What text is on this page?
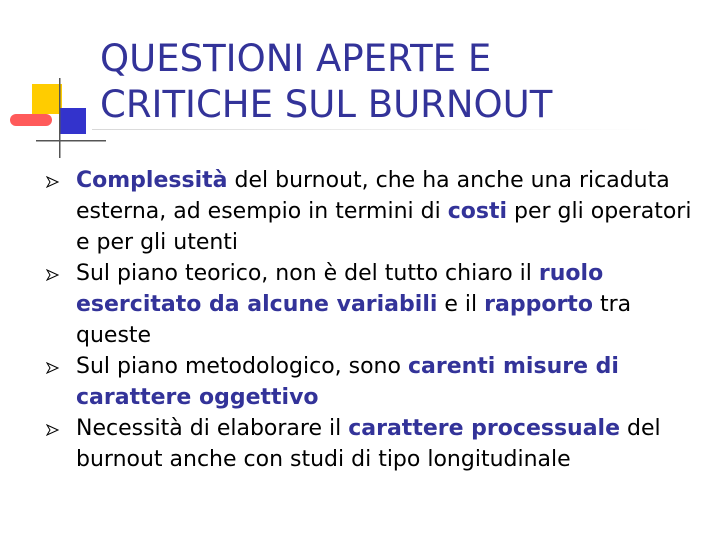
QUESTIONI APERTE E
CRITICHE SUL BURNOUT
Complessità del burnout, che ha anche una ricaduta esterna, ad esempio in termini di costi per gli operatori e per gli utenti
Sul piano teorico, non è del tutto chiaro il ruolo esercitato da alcune variabili e il rapporto tra queste
Sul piano metodologico, sono carenti misure di carattere oggettivo
Necessità di elaborare il carattere processuale del burnout anche con studi di tipo longitudinale
